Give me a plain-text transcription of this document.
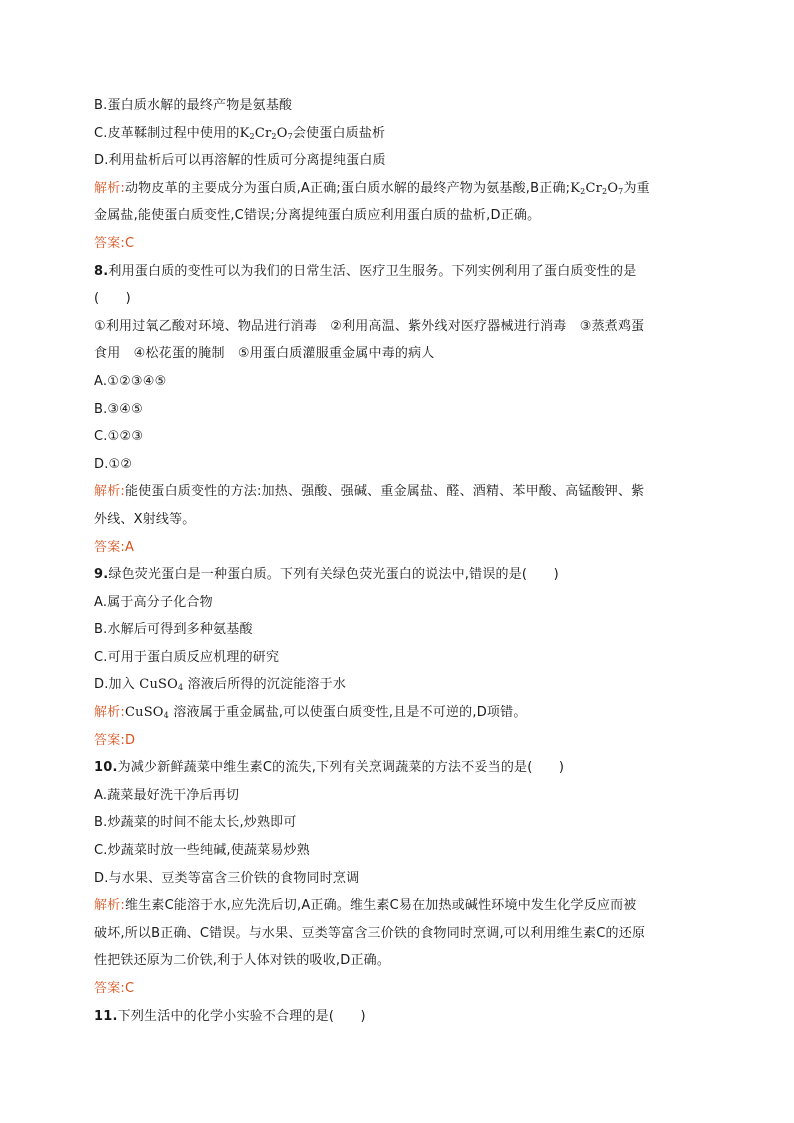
B.蛋白质水解的最终产物是氨基酸
C.皮革鞣制过程中使用的$K_2Cr_2O_7$会使蛋白质盐析
D.利用盐析后可以再溶解的性质可分离提纯蛋白质
解析:动物皮革的主要成分为蛋白质,A正确;蛋白质水解的最终产物为氨基酸,B正确$;K_2Cr_2O_7$为重
金属盐,能使蛋白质变性,C错误;分离提纯蛋白质应利用蛋白质的盐析,D正确。
答案:C
8.利用蛋白质的变性可以为我们的日常生活、医疗卫生服务。下列实例利用了蛋白质变性的是
(　　)
①利用过氧乙酸对环境、物品进行消毒　②利用高温、紫外线对医疗器械进行消毒　③蒸煮鸡蛋
食用　④松花蛋的腌制　⑤用蛋白质灌服重金属中毒的病人
A.①②③④⑤
B.③④⑤
C.①②③
D.①②
解析:能使蛋白质变性的方法:加热、强酸、强碱、重金属盐、醛、酒精、苯甲酸、高锰酸钾、紫
外线、X射线等。
答案:A
9.绿色荧光蛋白是一种蛋白质。下列有关绿色荧光蛋白的说法中,错误的是(　　)
A.属于高分子化合物
B.水解后可得到多种氨基酸
C.可用于蛋白质反应机理的研究
D.加入 CuSO$_4$ 溶液后所得的沉淀能溶于水
解析:CuSO$_4$ 溶液属于重金属盐,可以使蛋白质变性,且是不可逆的,D项错。
答案:D
10.为减少新鲜蔬菜中维生素C的流失,下列有关烹调蔬菜的方法不妥当的是(　　)
A.蔬菜最好洗干净后再切
B.炒蔬菜的时间不能太长,炒熟即可
C.炒蔬菜时放一些纯碱,使蔬菜易炒熟
D.与水果、豆类等富含三价铁的食物同时烹调
解析:维生素C能溶于水,应先洗后切,A正确。维生素C易在加热或碱性环境中发生化学反应而被
破坏,所以B正确、C错误。与水果、豆类等富含三价铁的食物同时烹调,可以利用维生素C的还原
性把铁还原为二价铁,利于人体对铁的吸收,D正确。
答案:C
11.下列生活中的化学小实验不合理的是(　　)
